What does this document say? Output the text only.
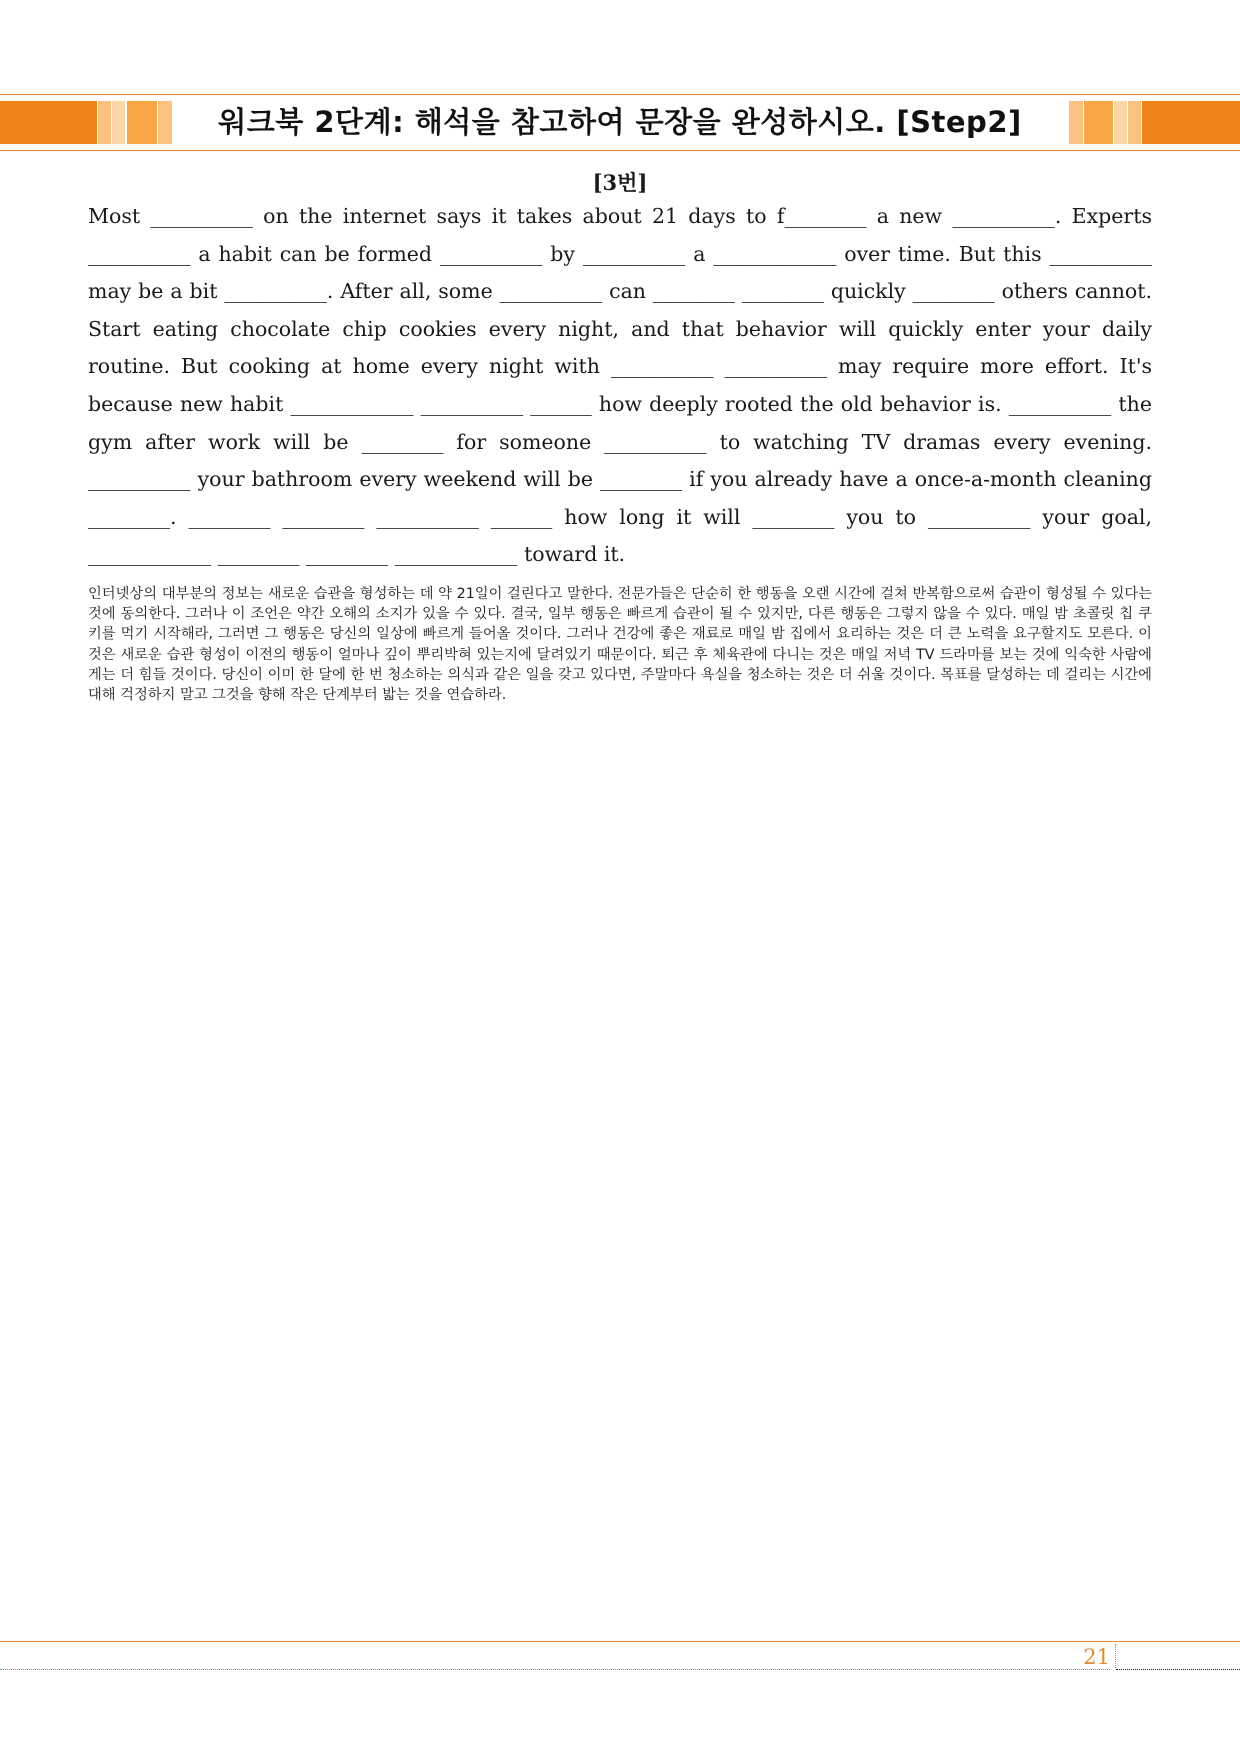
워크북 2단계: 해석을 참고하여 문장을 완성하시오. [Step2]
[3번]

Most __________ on the internet says it takes about 21 days to f________ a new __________. Experts __________ a habit can be formed __________ by __________ a ____________ over time. But this __________ may be a bit __________. After all, some __________ can ________ ________ quickly ________ others cannot. Start eating chocolate chip cookies every night, and that behavior will quickly enter your daily routine. But cooking at home every night with __________ __________ may require more effort. It's because new habit ____________ __________ ______ how deeply rooted the old behavior is. __________ the gym after work will be ________ for someone __________ to watching TV dramas every evening. __________ your bathroom every weekend will be ________ if you already have a once-a-month cleaning ________. ________ ________ __________ ______ how long it will ________ you to __________ your goal, ____________ ________ ________ ____________ toward it.

인터넷상의 대부분의 정보는 새로운 습관을 형성하는 데 약 21일이 걸린다고 말한다. 전문가들은 단순히 한 행동을 오랜 시간에 걸쳐 반복함으로써 습관이 형성될 수 있다는 것에 동의한다. 그러나 이 조언은 약간 오해의 소지가 있을 수 있다. 결국, 일부 행동은 빠르게 습관이 될 수 있지만, 다른 행동은 그렇지 않을 수 있다. 매일 밤 초콜릿 칩 쿠키를 먹기 시작해라, 그러면 그 행동은 당신의 일상에 빠르게 들어올 것이다. 그러나 건강에 좋은 재료로 매일 밤 집에서 요리하는 것은 더 큰 노력을 요구할지도 모른다. 이것은 새로운 습관 형성이 이전의 행동이 얼마나 깊이 뿌리박혀 있는지에 달려있기 때문이다. 퇴근 후 체육관에 다니는 것은 매일 저녁 TV 드라마를 보는 것에 익숙한 사람에게는 더 힘들 것이다. 당신이 이미 한 달에 한 번 청소하는 의식과 같은 일을 갖고 있다면, 주말마다 욕실을 청소하는 것은 더 쉬울 것이다. 목표를 달성하는 데 걸리는 시간에 대해 걱정하지 말고 그것을 향해 작은 단계부터 밟는 것을 연습하라.

21
